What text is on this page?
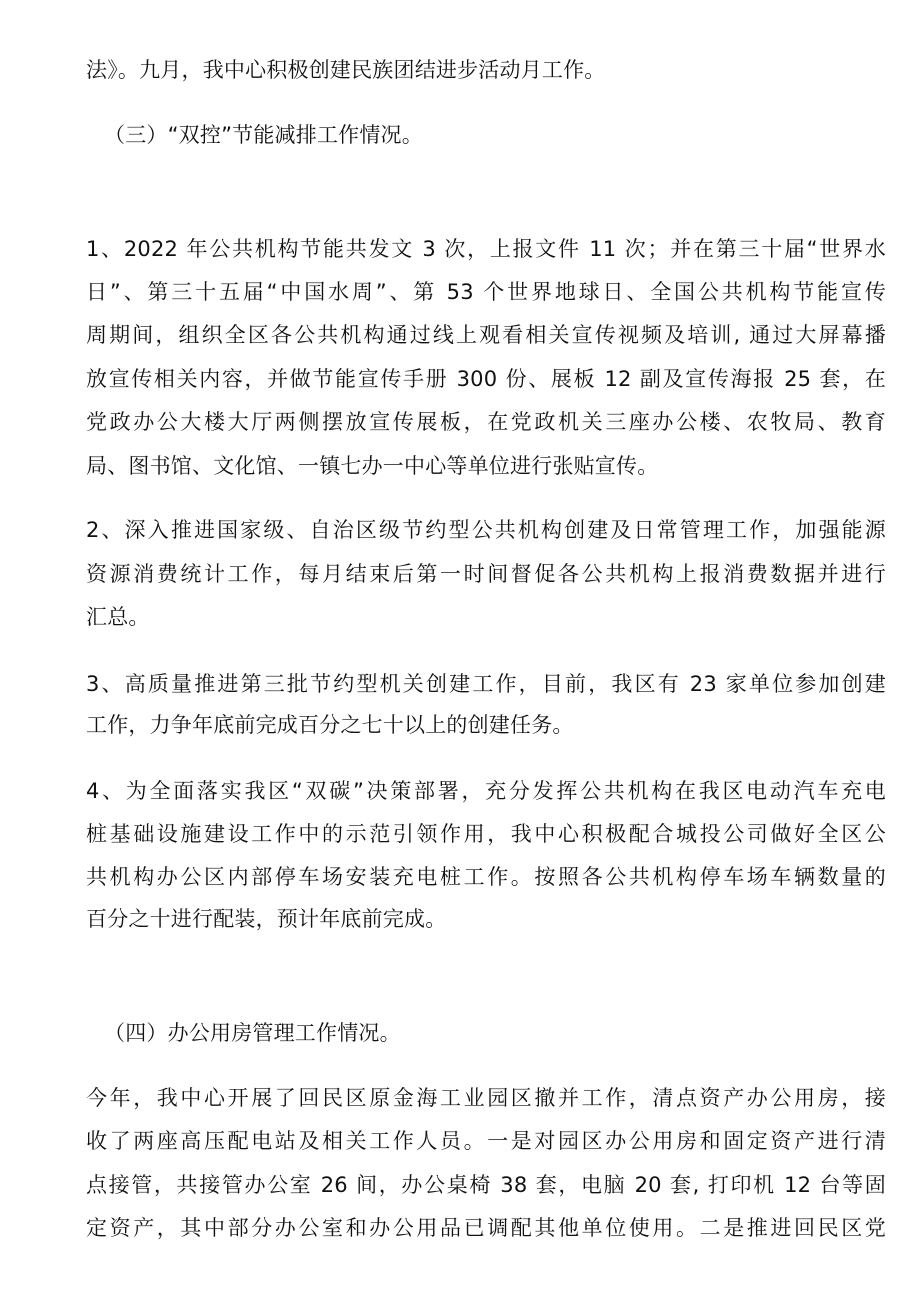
法》。九月，我中心积极创建民族团结进步活动月工作。
（三）“双控”节能减排工作情况。
1、2022 年公共机构节能共发文 3 次，上报文件 11 次；并在第三十届“世界水
日”、第三十五届“中国水周”、第 53 个世界地球日、全国公共机构节能宣传
周期间，组织全区各公共机构通过线上观看相关宣传视频及培训, 通过大屏幕播
放宣传相关内容，并做节能宣传手册 300 份、展板 12 副及宣传海报 25 套，在
党政办公大楼大厅两侧摆放宣传展板，在党政机关三座办公楼、农牧局、教育
局、图书馆、文化馆、一镇七办一中心等单位进行张贴宣传。
2、深入推进国家级、自治区级节约型公共机构创建及日常管理工作，加强能源
资源消费统计工作，每月结束后第一时间督促各公共机构上报消费数据并进行
汇总。
3、高质量推进第三批节约型机关创建工作，目前，我区有 23 家单位参加创建
工作，力争年底前完成百分之七十以上的创建任务。
4、为全面落实我区“双碳”决策部署，充分发挥公共机构在我区电动汽车充电
桩基础设施建设工作中的示范引领作用，我中心积极配合城投公司做好全区公
共机构办公区内部停车场安装充电桩工作。按照各公共机构停车场车辆数量的
百分之十进行配装，预计年底前完成。
（四）办公用房管理工作情况。
今年，我中心开展了回民区原金海工业园区撤并工作，清点资产办公用房，接
收了两座高压配电站及相关工作人员。一是对园区办公用房和固定资产进行清
点接管，共接管办公室 26 间，办公桌椅 38 套，电脑 20 套, 打印机 12 台等固
定资产，其中部分办公室和办公用品已调配其他单位使用。二是推进回民区党
